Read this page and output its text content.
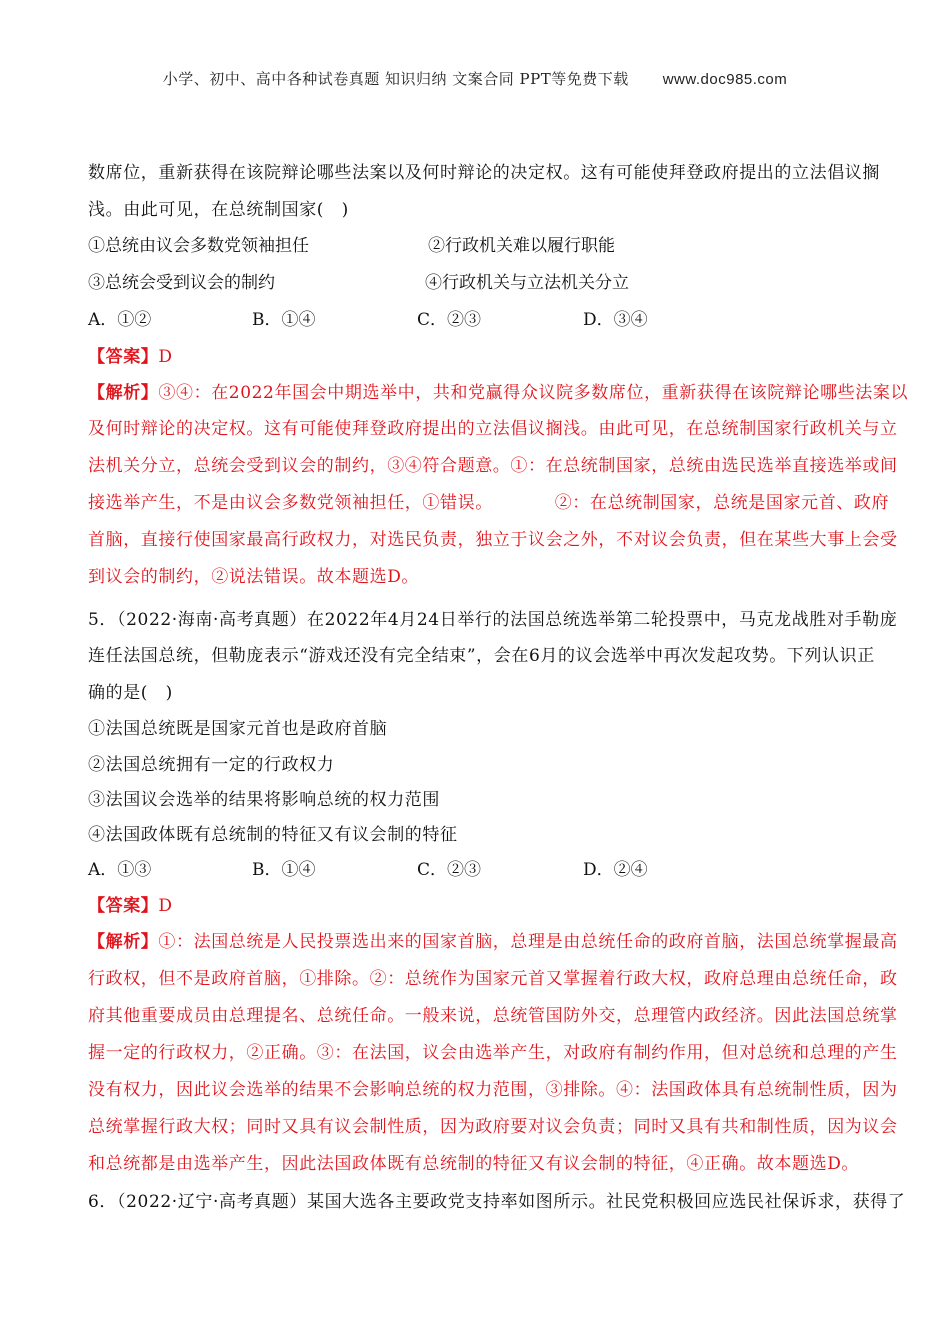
小学、初中、高中各种试卷真题 知识归纳 文案合同 PPT等免费下载 www.doc985.com
数席位，重新获得在该院辩论哪些法案以及何时辩论的决定权。这有可能使拜登政府提出的立法倡议搁
浅。由此可见，在总统制国家(　)
①总统由议会多数党领袖担任	②行政机关难以履行职能
③总统会受到议会的制约	④行政机关与立法机关分立
A．①②	B．①④	C．②③	D．③④
【答案】D
【解析】③④：在2022年国会中期选举中，共和党赢得众议院多数席位，重新获得在该院辩论哪些法案以
及何时辩论的决定权。这有可能使拜登政府提出的立法倡议搁浅。由此可见，在总统制国家行政机关与立
法机关分立，总统会受到议会的制约，③④符合题意。①：在总统制国家，总统由选民选举直接选举或间
接选举产生，不是由议会多数党领袖担任，①错误。　　　　②：在总统制国家，总统是国家元首、政府
首脑，直接行使国家最高行政权力，对选民负责，独立于议会之外，不对议会负责，但在某些大事上会受
到议会的制约，②说法错误。故本题选D。
5．（2022·海南·高考真题）在2022年4月24日举行的法国总统选举第二轮投票中，马克龙战胜对手勒庞
连任法国总统，但勒庞表示“游戏还没有完全结束”，会在6月的议会选举中再次发起攻势。下列认识正
确的是(　)
①法国总统既是国家元首也是政府首脑
②法国总统拥有一定的行政权力
③法国议会选举的结果将影响总统的权力范围
④法国政体既有总统制的特征又有议会制的特征
A．①③	B．①④	C．②③	D．②④
【答案】D
【解析】①：法国总统是人民投票选出来的国家首脑，总理是由总统任命的政府首脑，法国总统掌握最高
行政权，但不是政府首脑，①排除。②：总统作为国家元首又掌握着行政大权，政府总理由总统任命，政
府其他重要成员由总理提名、总统任命。一般来说，总统管国防外交，总理管内政经济。因此法国总统掌
握一定的行政权力，②正确。③：在法国，议会由选举产生，对政府有制约作用，但对总统和总理的产生
没有权力，因此议会选举的结果不会影响总统的权力范围，③排除。④：法国政体具有总统制性质，因为
总统掌握行政大权；同时又具有议会制性质，因为政府要对议会负责；同时又具有共和制性质，因为议会
和总统都是由选举产生，因此法国政体既有总统制的特征又有议会制的特征，④正确。故本题选D。
6．（2022·辽宁·高考真题）某国大选各主要政党支持率如图所示。社民党积极回应选民社保诉求，获得了
